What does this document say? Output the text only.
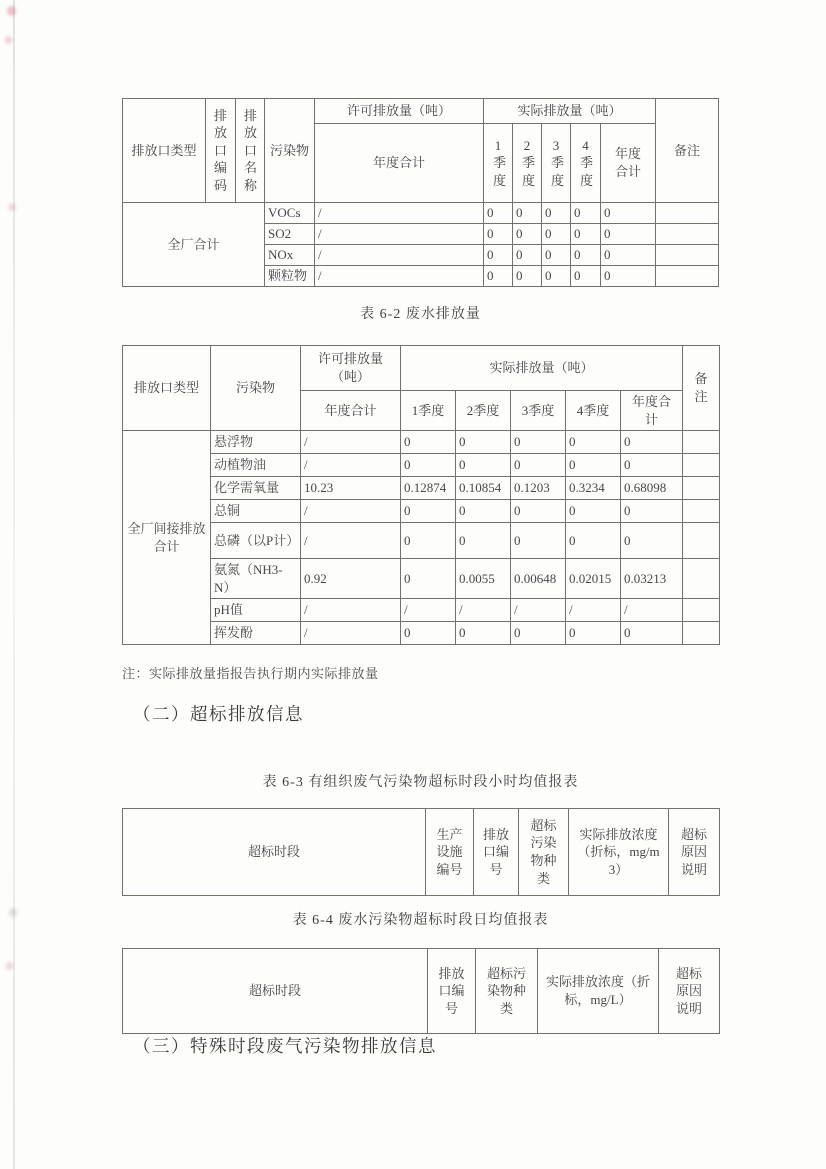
排放口类型	排放口编码	排放口名称	污染物	许可排放量（吨）	实际排放量（吨）					备注
				年度合计	1季度	2季度	3季度	4季度	年度合计	
全厂合计			VOCs	/	0	0	0	0	0	
			SO2	/	0	0	0	0	0	
			NOx	/	0	0	0	0	0	
			颗粒物	/	0	0	0	0	0	
表 6-2 废水排放量
排放口类型	污染物	许可排放量（吨）	实际排放量（吨）					备注
		年度合计	1季度	2季度	3季度	4季度	年度合计	
全厂间接排放合计	悬浮物	/	0	0	0	0	0	
	动植物油	/	0	0	0	0	0	
	化学需氧量	10.23	0.12874	0.10854	0.1203	0.3234	0.68098	
	总铜	/	0	0	0	0	0	
	总磷（以P计）	/	0	0	0	0	0	
	氨氮（NH3-N）	0.92	0	0.0055	0.00648	0.02015	0.03213	
	pH值	/	/	/	/	/	/	
	挥发酚	/	0	0	0	0	0	
注：实际排放量指报告执行期内实际排放量
（二）超标排放信息
表 6-3 有组织废气污染物超标时段小时均值报表
超标时段	生产设施编号	排放口编号	超标污染物种类	实际排放浓度（折标，mg/m3）	超标原因说明
表 6-4 废水污染物超标时段日均值报表
超标时段	排放口编号	超标污染物种类	实际排放浓度（折标，mg/L）	超标原因说明
（三）特殊时段废气污染物排放信息
